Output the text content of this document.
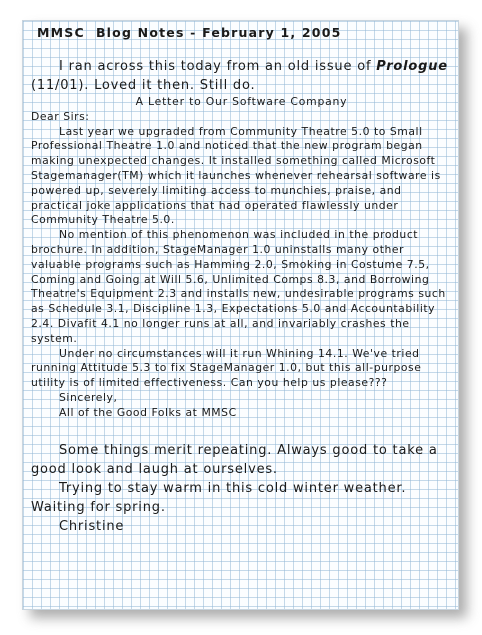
MMSC  Blog Notes - February 1, 2005

I ran across this today from an old issue of Prologue (11/01). Loved it then. Still do.

A Letter to Our Software Company

Dear Sirs:

Last year we upgraded from Community Theatre 5.0 to Small Professional Theatre 1.0 and noticed that the new program began making unexpected changes. It installed something called Microsoft Stagemanager(TM) which it launches whenever rehearsal software is powered up, severely limiting access to munchies, praise, and practical joke applications that had operated flawlessly under Community Theatre 5.0.

No mention of this phenomenon was included in the product brochure. In addition, StageManager 1.0 uninstalls many other valuable programs such as Hamming 2.0, Smoking in Costume 7.5, Coming and Going at Will 5.6, Unlimited Comps 8.3, and Borrowing Theatre's Equipment 2.3 and installs new, undesirable programs such as Schedule 3.1, Discipline 1.3, Expectations 5.0 and Accountability 2.4. Divafit 4.1 no longer runs at all, and invariably crashes the system.

Under no circumstances will it run Whining 14.1. We've tried running Attitude 5.3 to fix StageManager 1.0, but this all-purpose utility is of limited effectiveness. Can you help us please???

Sincerely,

All of the Good Folks at MMSC

Some things merit repeating. Always good to take a good look and laugh at ourselves.

Trying to stay warm in this cold winter weather. Waiting for spring.

Christine
